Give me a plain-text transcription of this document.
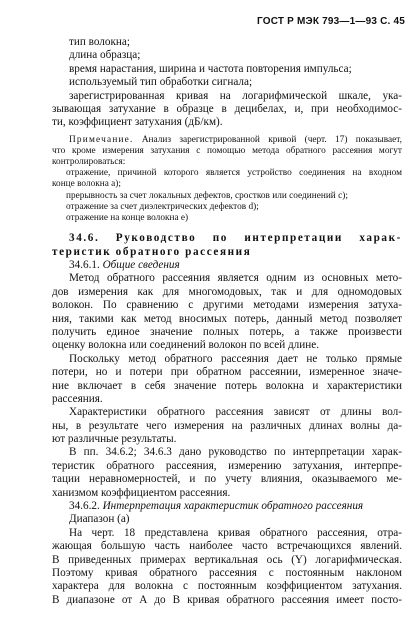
ГОСТ Р МЭК 793—1—93 С. 45
тип волокна;
длина образца;
время нарастания, ширина и частота повторения импульса;
используемый тип обработки сигнала;
зарегистрированная кривая на логарифмической шкале, ука-
зывающая затухание в образце в децибелах, и, при необходимос-
ти, коэффициент затухания (дБ/км).
Примечание. Анализ зарегистрированной кривой (черт. 17) показывает,
что кроме измерения затухания с помощью метода обратного рассеяния могут
контролироваться:
отражение, причиной которого является устройство соединения на входном
конце волокна а);
прерывность за счет локальных дефектов, сростков или соединений с);
отражение за счет диэлектрических дефектов d);
отражение на конце волокна е)
34.6. Руководство по интерпретации харак-
теристик обратного рассеяния
34.6.1. Общие сведения
Метод обратного рассеяния является одним из основных мето-
дов измерения как для многомодовых, так и для одномодовых
волокон. По сравнению с другими методами измерения затуха-
ния, такими как метод вносимых потерь, данный метод позволяет
получить единое значение полных потерь, а также произвести
оценку волокна или соединений волокон по всей длине.
Поскольку метод обратного рассеяния дает не только прямые
потери, но и потери при обратном рассеянии, измеренное значе-
ние включает в себя значение потерь волокна и характеристики
рассеяния.
Характеристики обратного рассеяния зависят от длины вол-
ны, в результате чего измерения на различных длинах волны да-
ют различные результаты.
В пп. 34.6.2; 34.6.3 дано руководство по интерпретации харак-
теристик обратного рассеяния, измерению затухания, интерпре-
тации неравномерностей, и по учету влияния, оказываемого ме-
ханизмом коэффициентом рассеяния.
34.6.2. Интерпретация характеристик обратного рассеяния
Диапазон (а)
На черт. 18 представлена кривая обратного рассеяния, отра-
жающая большую часть наиболее часто встречающихся явлений.
В приведенных примерах вертикальная ось (Y) логарифмическая.
Поэтому кривая обратного рассеяния с постоянным наклоном
характера для волокна с постоянным коэффициентом затухания.
В диапазоне от А до В кривая обратного рассеяния имеет посто-
